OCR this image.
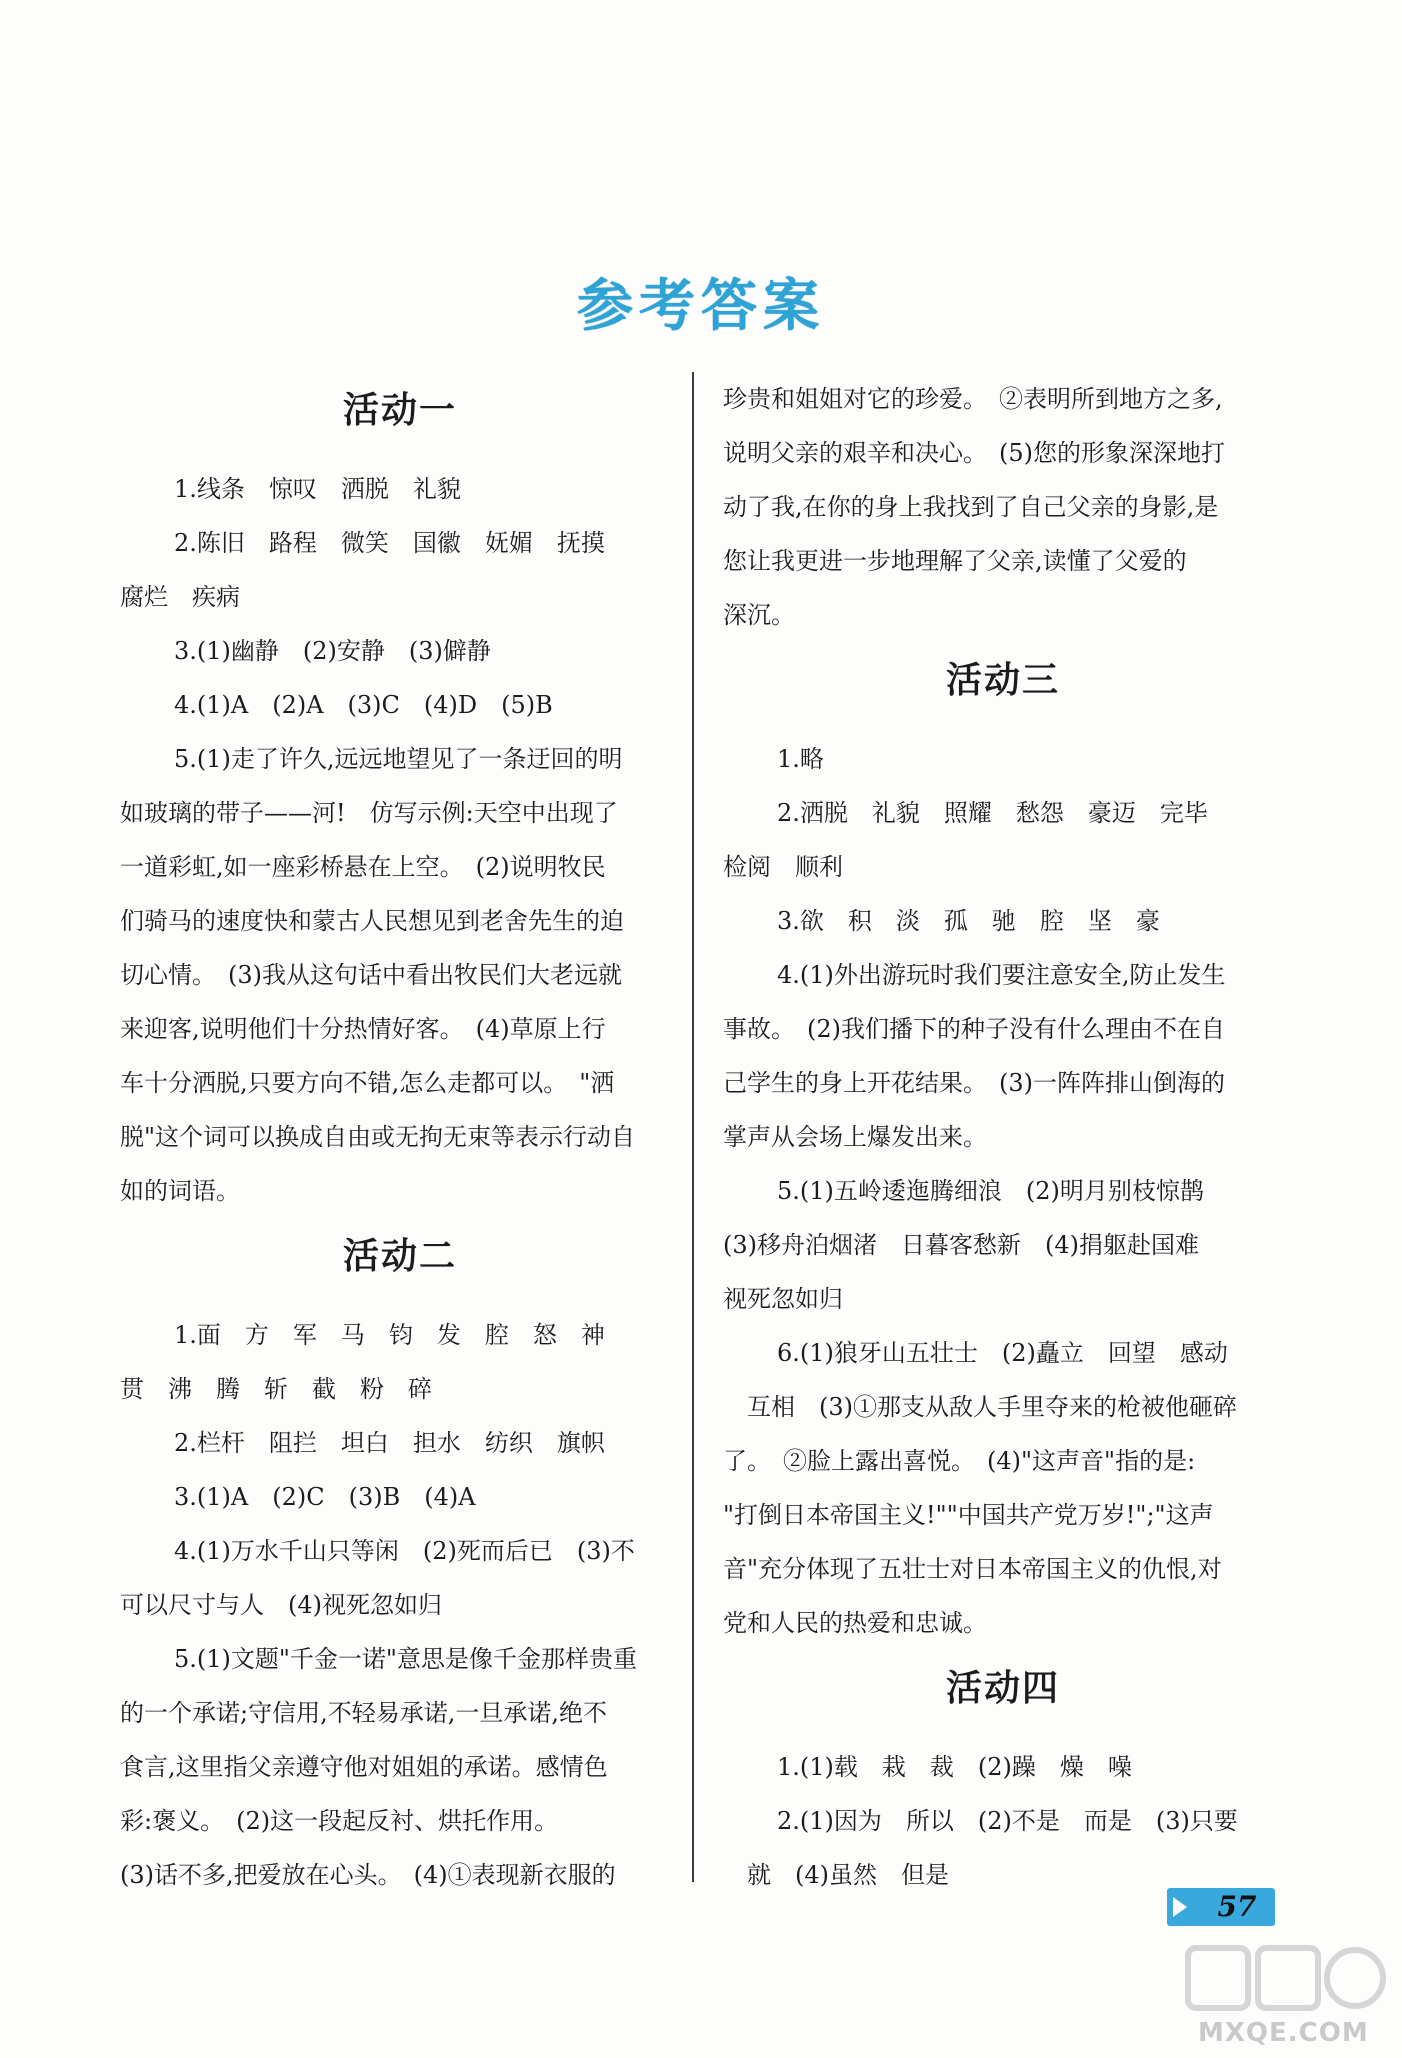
参考答案
活动一

1.线条　惊叹　洒脱　礼貌

2.陈旧　路程　微笑　国徽　妩媚　抚摸

腐烂　疾病

3.(1)幽静　(2)安静　(3)僻静

4.(1)A　(2)A　(3)C　(4)D　(5)B

5.(1)走了许久,远远地望见了一条迂回的明

如玻璃的带子——河!　仿写示例:天空中出现了

一道彩虹,如一座彩桥悬在上空。　(2)说明牧民

们骑马的速度快和蒙古人民想见到老舍先生的迫

切心情。　(3)我从这句话中看出牧民们大老远就

来迎客,说明他们十分热情好客。　(4)草原上行

车十分洒脱,只要方向不错,怎么走都可以。　"洒

脱"这个词可以换成自由或无拘无束等表示行动自

如的词语。

活动二

1.面　方　军　马　钧　发　腔　怒　神

贯　沸　腾　斩　截　粉　碎

2.栏杆　阻拦　坦白　担水　纺织　旗帜

3.(1)A　(2)C　(3)B　(4)A

4.(1)万水千山只等闲　(2)死而后已　(3)不

可以尺寸与人　(4)视死忽如归

5.(1)文题"千金一诺"意思是像千金那样贵重

的一个承诺;守信用,不轻易承诺,一旦承诺,绝不

食言,这里指父亲遵守他对姐姐的承诺。感情色

彩:褒义。　(2)这一段起反衬、烘托作用。

(3)话不多,把爱放在心头。　(4)①表现新衣服的

珍贵和姐姐对它的珍爱。　②表明所到地方之多,

说明父亲的艰辛和决心。　(5)您的形象深深地打

动了我,在你的身上我找到了自己父亲的身影,是

您让我更进一步地理解了父亲,读懂了父爱的

深沉。

活动三

1.略

2.洒脱　礼貌　照耀　愁怨　豪迈　完毕

检阅　顺利

3.欲　积　淡　孤　驰　腔　坚　豪

4.(1)外出游玩时我们要注意安全,防止发生

事故。　(2)我们播下的种子没有什么理由不在自

己学生的身上开花结果。　(3)一阵阵排山倒海的

掌声从会场上爆发出来。

5.(1)五岭逶迤腾细浪　(2)明月别枝惊鹊

(3)移舟泊烟渚　日暮客愁新　(4)捐躯赴国难

视死忽如归

6.(1)狼牙山五壮士　(2)矗立　回望　感动

互相　(3)①那支从敌人手里夺来的枪被他砸碎

了。　②脸上露出喜悦。　(4)"这声音"指的是:

"打倒日本帝国主义!""中国共产党万岁!";"这声

音"充分体现了五壮士对日本帝国主义的仇恨,对

党和人民的热爱和忠诚。

活动四

1.(1)载　栽　裁　(2)躁　燥　噪

2.(1)因为　所以　(2)不是　而是　(3)只要

就　(4)虽然　但是

57
MXQE.COM
